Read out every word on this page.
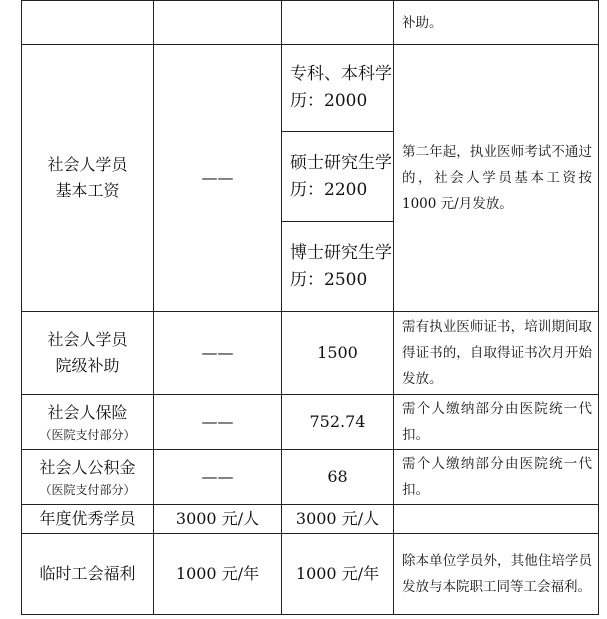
			补助。

社会人学员
基本工资	——	专科、本科学历：2000	第二年起，执业医师考试不通过的，社会人学员基本工资按 1000 元/月发放。
		硕士研究生学历：2200	
		博士研究生学历：2500	

社会人学员
院级补助	——	1500	需有执业医师证书，培训期间取得证书的，自取得证书次月开始发放。

社会人保险
（医院支付部分）	——	752.74	需个人缴纳部分由医院统一代扣。

社会人公积金
（医院支付部分）	——	68	需个人缴纳部分由医院统一代扣。
年度优秀学员	3000 元/人	3000 元/人	
临时工会福利	1000 元/年	1000 元/年	除本单位学员外，其他住培学员发放与本院职工同等工会福利。
